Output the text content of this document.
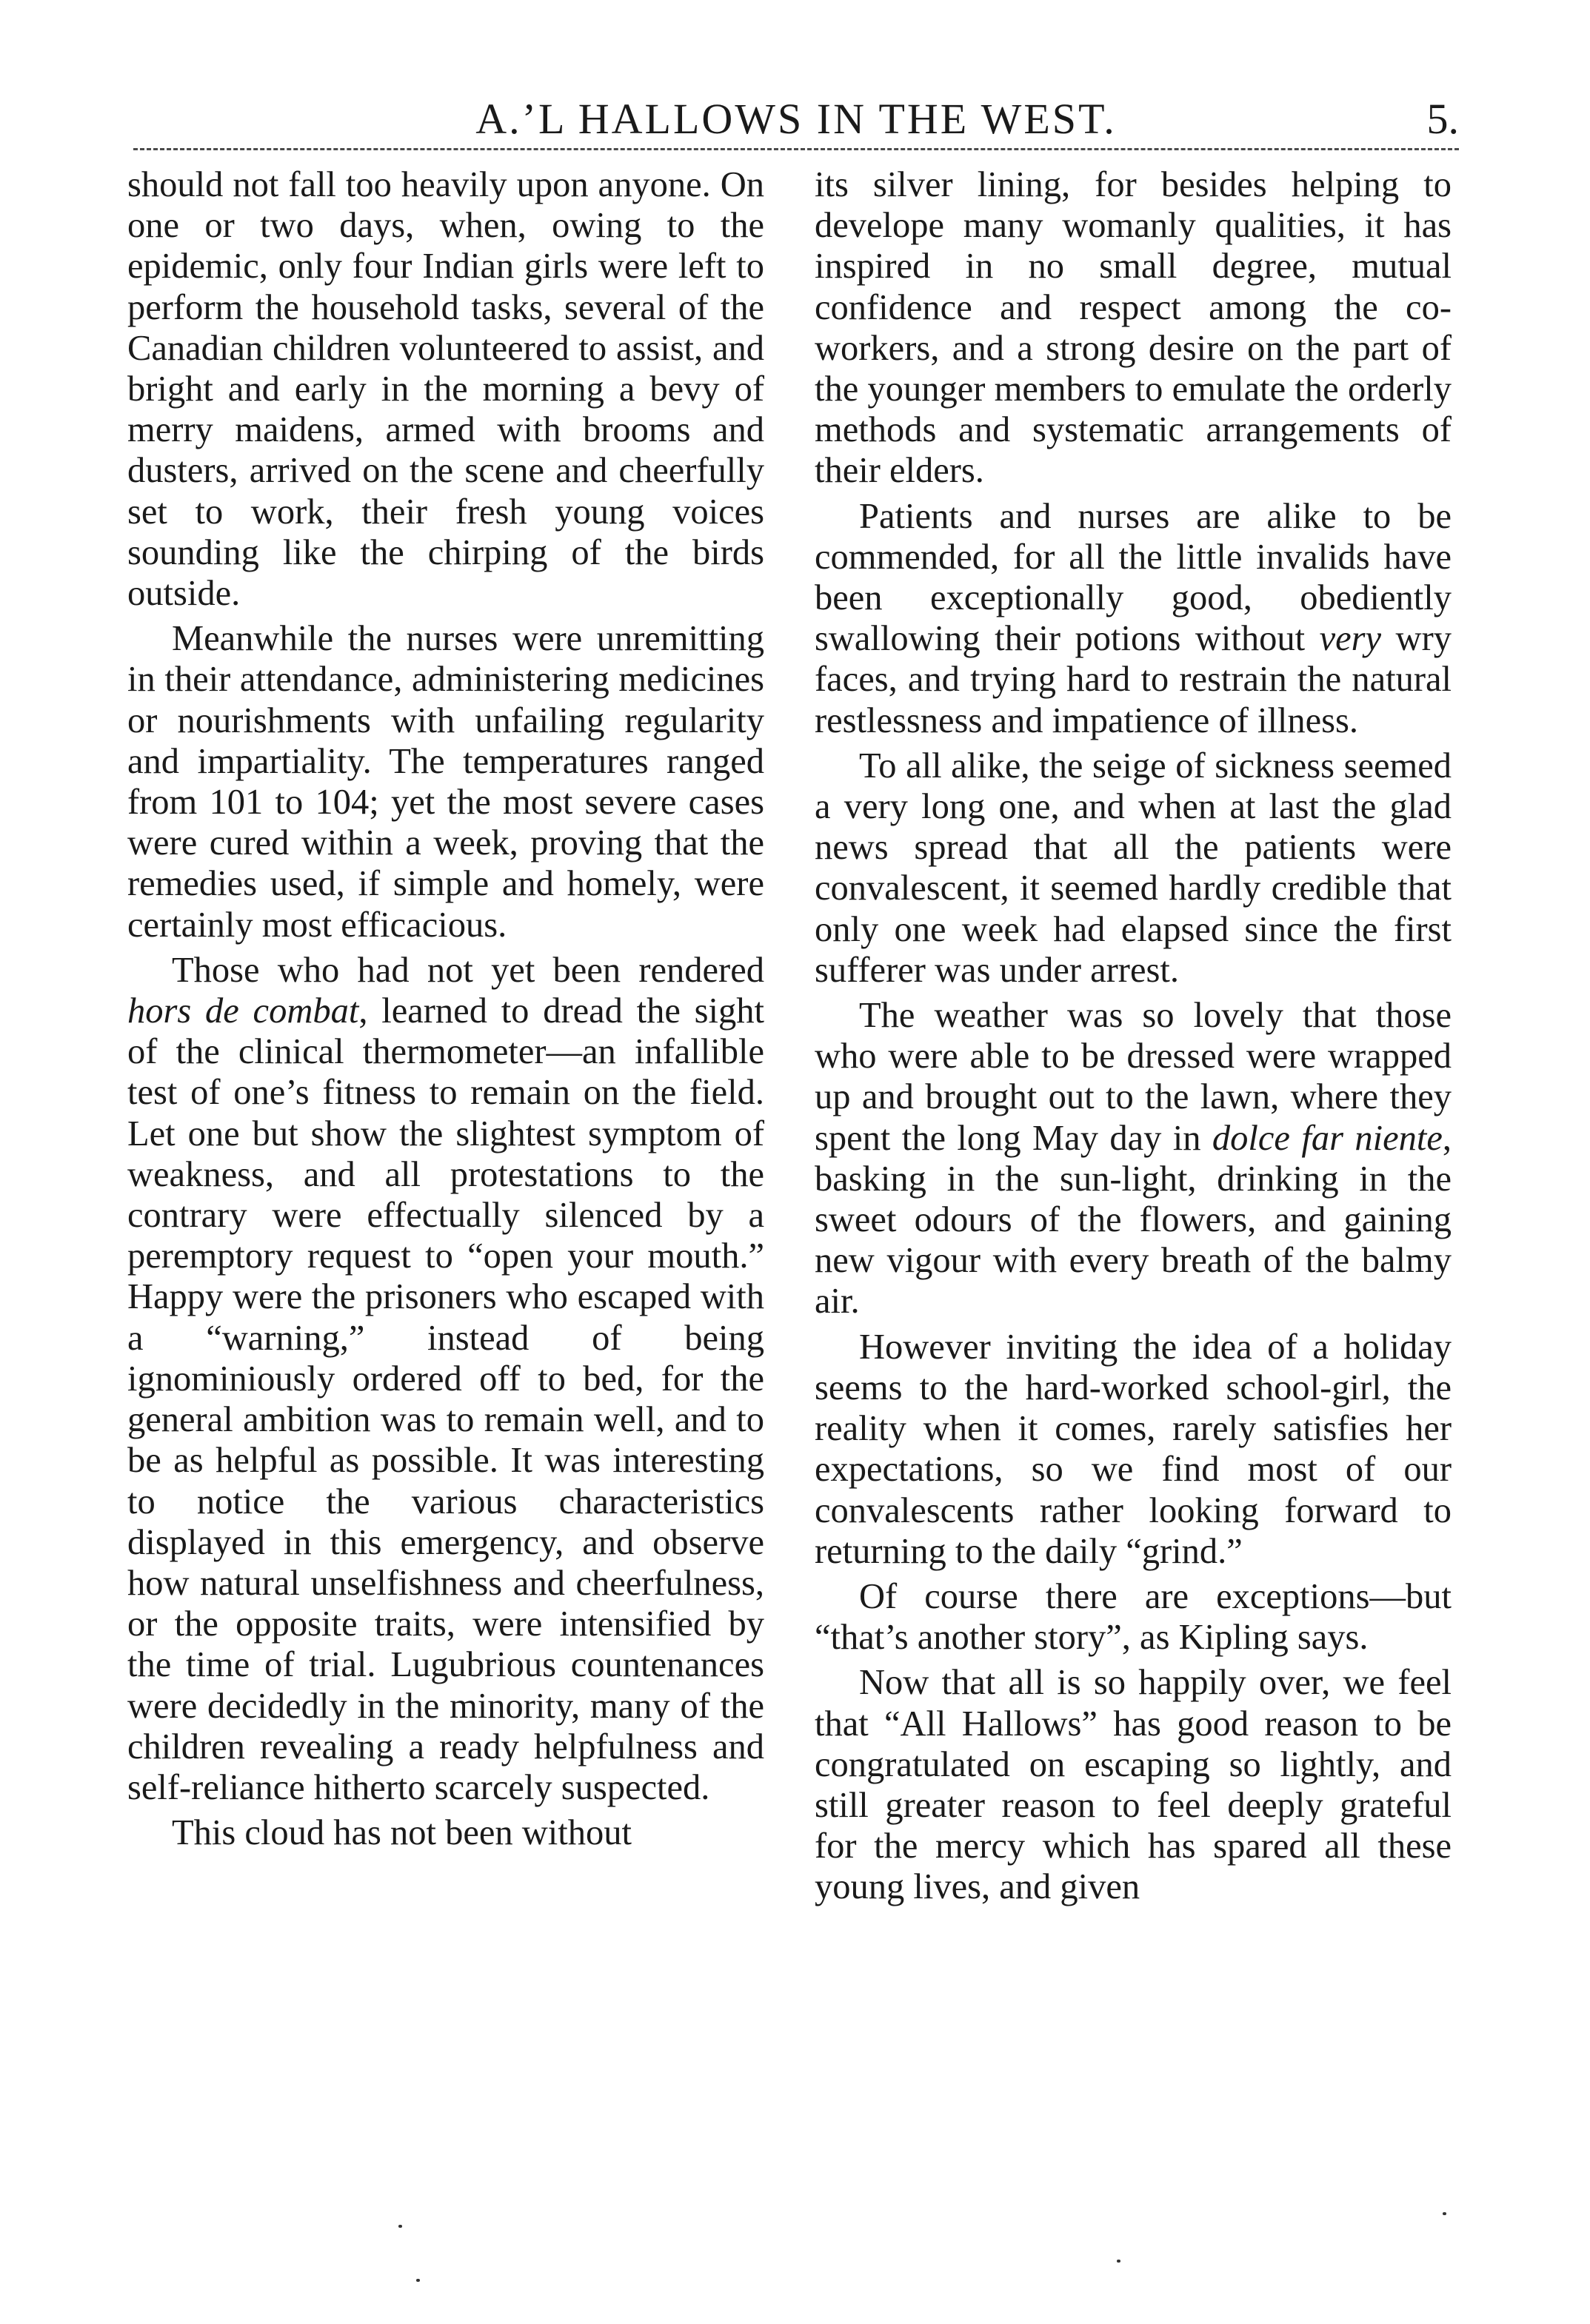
A.’L HALLOWS IN THE WEST.	5.

should not fall too heavily upon anyone. On one or two days, when, owing to the epidemic, only four Indian girls were left to perform the household tasks, several of the Canadian children volunteered to assist, and bright and early in the morning a bevy of merry maidens, armed with brooms and dusters, arrived on the scene and cheerfully set to work, their fresh young voices sounding like the chirping of the birds outside.

Meanwhile the nurses were unremitting in their attendance, administering medicines or nourishments with unfailing regularity and impartiality. The temperatures ranged from 101 to 104; yet the most severe cases were cured within a week, proving that the remedies used, if simple and homely, were certainly most efficacious.

Those who had not yet been rendered hors de combat, learned to dread the sight of the clinical thermometer—an infallible test of one’s fitness to remain on the field. Let one but show the slightest symptom of weakness, and all protestations to the contrary were effectually silenced by a peremptory request to “open your mouth.” Happy were the prisoners who escaped with a “warning,” instead of being ignominiously ordered off to bed, for the general ambition was to remain well, and to be as helpful as possible. It was interesting to notice the various characteristics displayed in this emergency, and observe how natural unselfishness and cheerfulness, or the opposite traits, were intensified by the time of trial. Lugubrious countenances were decidedly in the minority, many of the children revealing a ready helpfulness and self-reliance hitherto scarcely suspected.

This cloud has not been without

its silver lining, for besides helping to develope many womanly qualities, it has inspired in no small degree, mutual confidence and respect among the co-workers, and a strong desire on the part of the younger members to emulate the orderly methods and systematic arrangements of their elders.

Patients and nurses are alike to be commended, for all the little invalids have been exceptionally good, obediently swallowing their potions without very wry faces, and trying hard to restrain the natural restlessness and impatience of illness.

To all alike, the seige of sickness seemed a very long one, and when at last the glad news spread that all the patients were convalescent, it seemed hardly credible that only one week had elapsed since the first sufferer was under arrest.

The weather was so lovely that those who were able to be dressed were wrapped up and brought out to the lawn, where they spent the long May day in dolce far niente, basking in the sun-light, drinking in the sweet odours of the flowers, and gaining new vigour with every breath of the balmy air.

However inviting the idea of a holiday seems to the hard-worked school-girl, the reality when it comes, rarely satisfies her expectations, so we find most of our convalescents rather looking forward to returning to the daily “grind.”

Of course there are exceptions—but “that’s another story”, as Kipling says.

Now that all is so happily over, we feel that “All Hallows” has good reason to be congratulated on escaping so lightly, and still greater reason to feel deeply grateful for the mercy which has spared all these young lives, and given
